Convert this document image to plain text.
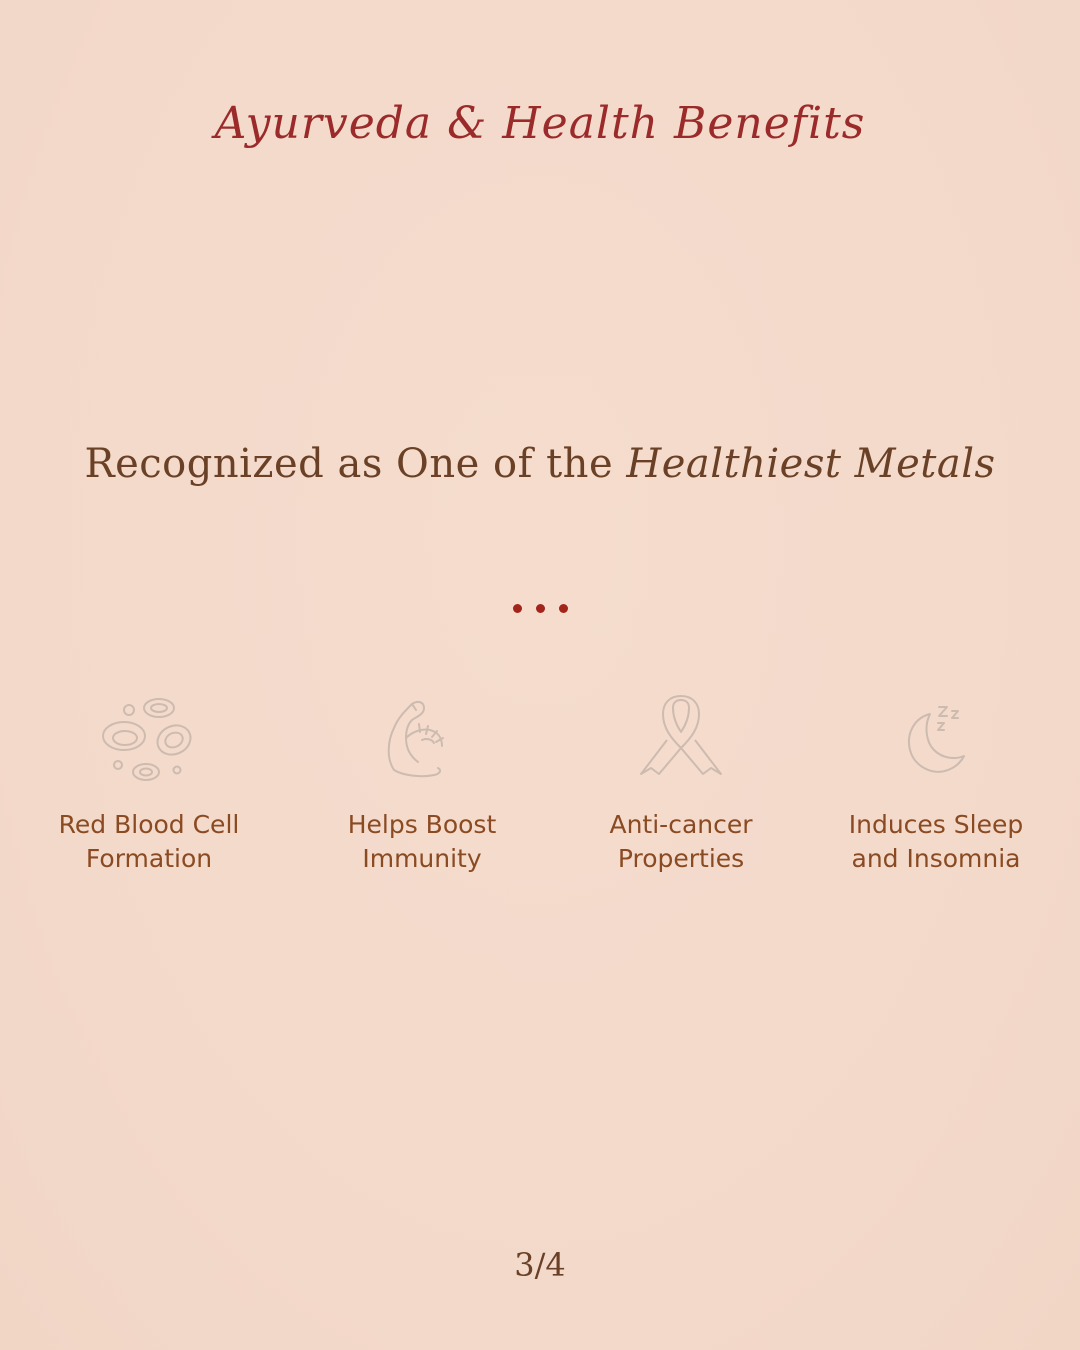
Ayurveda & Health Benefits
Recognized as One of the Healthiest Metals
Red Blood Cell
Formation
Helps Boost
Immunity
Anti-cancer
Properties
Induces Sleep
and Insomnia
3/4
